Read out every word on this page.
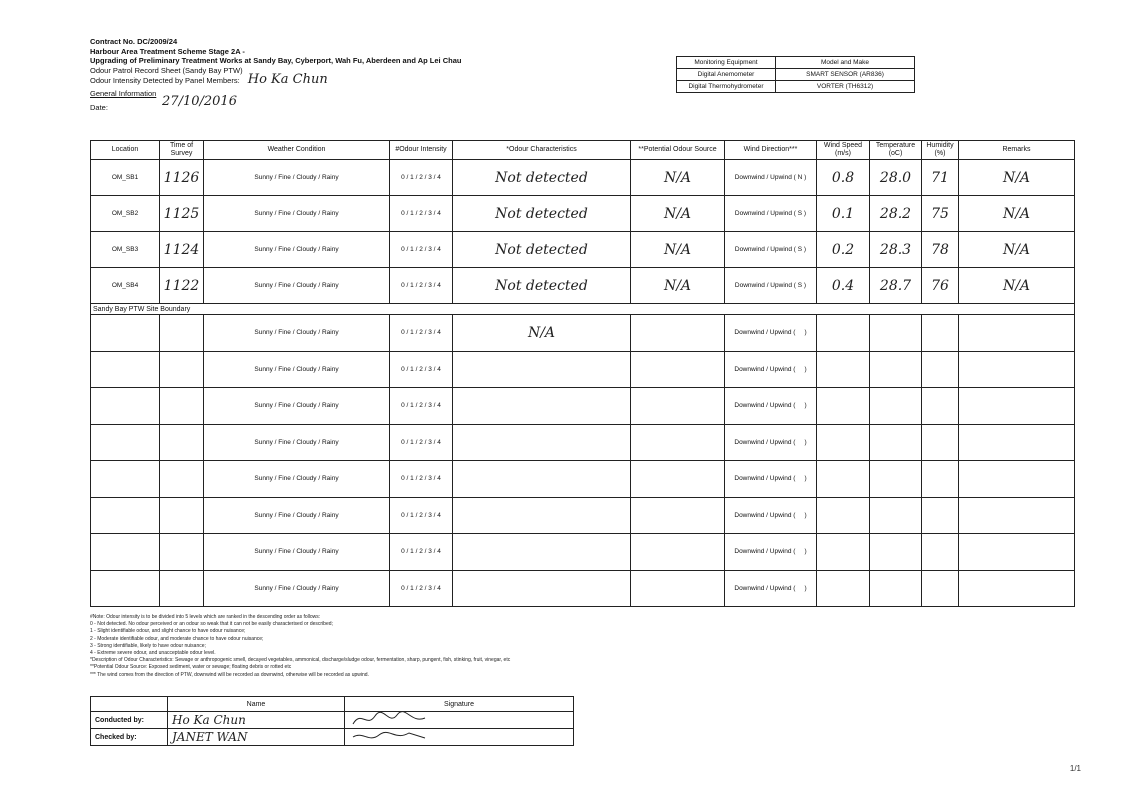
Contract No. DC/2009/24
Harbour Area Treatment Scheme Stage 2A -
Upgrading of Preliminary Treatment Works at Sandy Bay, Cyberport, Wah Fu, Aberdeen and Ap Lei Chau
Odour Patrol Record Sheet (Sandy Bay PTW)
Odour Intensity Detected by Panel Members: Ho Ka Chun
General Information
Date:	27/10/2016
Monitoring Equipment	Model and Make
Digital Anemometer	SMART SENSOR (AR836)
Digital Thermohydrometer	VORTER (TH6312)
Location	Time of Survey	Weather Condition	#Odour Intensity	*Odour Characteristics	**Potential Odour Source	Wind Direction***	Wind Speed (m/s)	Temperature (oC)	Humidity (%)	Remarks
OM_SB1	1126	Sunny / Fine / Cloudy / Rainy	0 / 1 / 2 / 3 / 4	Not detected	N/A	Downwind / Upwind ( N )	0.8	28.0	71	N/A
OM_SB2	1125	Sunny / Fine / Cloudy / Rainy	0 / 1 / 2 / 3 / 4	Not detected	N/A	Downwind / Upwind ( S )	0.1	28.2	75	N/A
OM_SB3	1124	Sunny / Fine / Cloudy / Rainy	0 / 1 / 2 / 3 / 4	Not detected	N/A	Downwind / Upwind ( S )	0.2	28.3	78	N/A
OM_SB4	1122	Sunny / Fine / Cloudy / Rainy	0 / 1 / 2 / 3 / 4	Not detected	N/A	Downwind / Upwind ( S )	0.4	28.7	76	N/A
Sandy Bay PTW Site Boundary										
		Sunny / Fine / Cloudy / Rainy	0 / 1 / 2 / 3 / 4	N/A		Downwind / Upwind (     )				
		Sunny / Fine / Cloudy / Rainy	0 / 1 / 2 / 3 / 4			Downwind / Upwind (     )				
		Sunny / Fine / Cloudy / Rainy	0 / 1 / 2 / 3 / 4			Downwind / Upwind (     )				
		Sunny / Fine / Cloudy / Rainy	0 / 1 / 2 / 3 / 4			Downwind / Upwind (     )				
		Sunny / Fine / Cloudy / Rainy	0 / 1 / 2 / 3 / 4			Downwind / Upwind (     )				
		Sunny / Fine / Cloudy / Rainy	0 / 1 / 2 / 3 / 4			Downwind / Upwind (     )				
		Sunny / Fine / Cloudy / Rainy	0 / 1 / 2 / 3 / 4			Downwind / Upwind (     )				
		Sunny / Fine / Cloudy / Rainy	0 / 1 / 2 / 3 / 4			Downwind / Upwind (     )				
#Note: Odour intensity is to be divided into 5 levels which are ranked in the descending order as follows:
0 - Not detected. No odour perceived or an odour so weak that it can not be easily characterised or described;
1 - Slight identifiable odour, and slight chance to have odour nuisance;
2 - Moderate identifiable odour, and moderate chance to have odour nuisance;
3 - Strong identifiable, likely to have odour nuisance;
4 - Extreme severe odour, and unacceptable odour level.
*Description of Odour Characteristics: Sewage or anthropogenic smell, decayed vegetables, ammonical, discharge/sludge odour, fermentation, sharp, pungent, fish, stinking, fruit, vinegar, etc
**Potential Odour Source: Exposed sediment, water or sewage; floating debris or rotted etc
*** The wind comes from the direction of PTW, downwind will be recorded as downwind, otherwise will be recorded as upwind.
	Name	Signature
Conducted by:	Ho Ka Chun	
Checked by:	JANET WAN	
1/1
